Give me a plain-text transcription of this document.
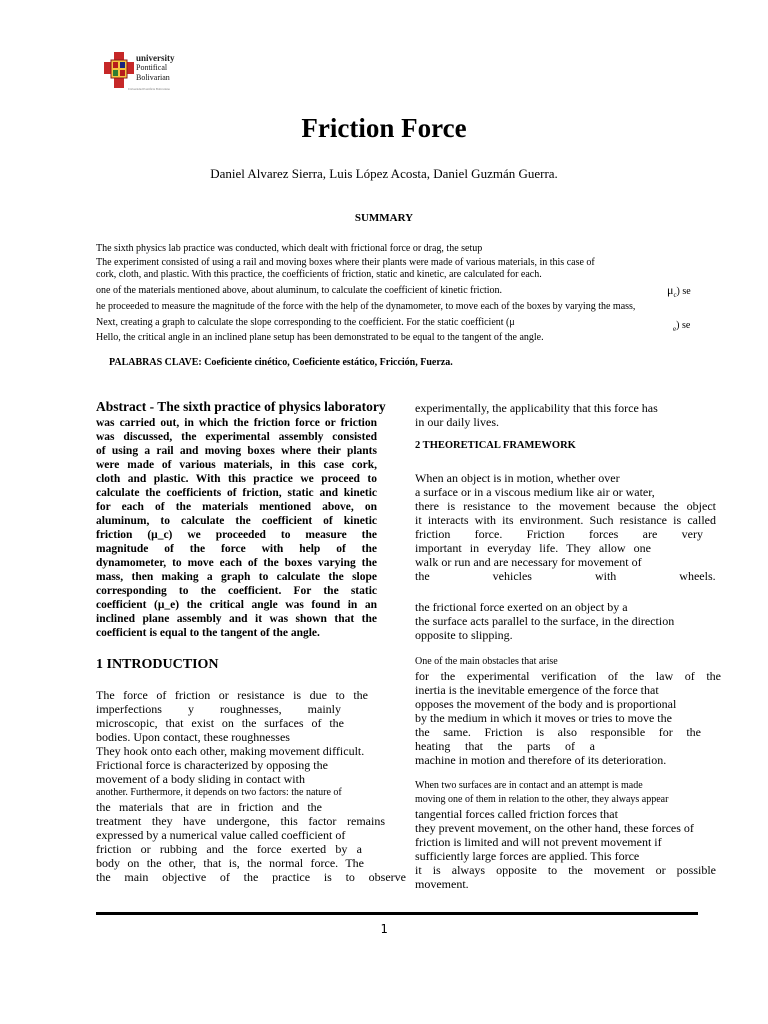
university
Pontifical
Bolivarian
Universidad Pontificia Bolivariana
Friction Force
Daniel Alvarez Sierra, Luis López Acosta, Daniel Guzmán Guerra.
SUMMARY
The sixth physics lab practice was conducted, which dealt with frictional force or drag, the setup
The experiment consisted of using a rail and moving boxes where their plants were made of various materials, in this case of
cork, cloth, and plastic. With this practice, the coefficients of friction, static and kinetic, are calculated for each.
one of the materials mentioned above, about aluminum, to calculate the coefficient of kinetic friction.	$\mu_c$) se
he proceeded to measure the magnitude of the force with the help of the dynamometer, to move each of the boxes by varying the mass,
Next, creating a graph to calculate the slope corresponding to the coefficient. For the static coefficient (μ
$_e$) se
Hello, the critical angle in an inclined plane setup has been demonstrated to be equal to the tangent of the angle.
PALABRAS CLAVE: Coeficiente cinético, Coeficiente estático, Fricción, Fuerza.
Abstract - The sixth practice of physics laboratory
was carried out, in which the friction force or friction
was discussed, the experimental assembly consisted
of using a rail and moving boxes where their plants
were made of various materials, in this case cork,
cloth and plastic. With this practice we proceed to
calculate the coefficients of friction, static and kinetic
for each of the materials mentioned above, on
aluminum, to calculate the coefficient of kinetic
friction (μ_c) we proceeded to measure the
magnitude of the force with help of the
dynamometer, to move each of the boxes varying the
mass, then making a graph to calculate the slope
corresponding to the coefficient. For the static
coefficient (μ_e) the critical angle was found in an
inclined plane assembly and it was shown that the
coefficient is equal to the tangent of the angle.
1 INTRODUCTION
The force of friction or resistance is due to the
imperfections y roughnesses, mainly
microscopic, that exist on the surfaces of the
bodies. Upon contact, these roughnesses
They hook onto each other, making movement difficult.
Frictional force is characterized by opposing the
movement of a body sliding in contact with
another. Furthermore, it depends on two factors: the nature of
the materials that are in friction and the
treatment they have undergone, this factor remains
expressed by a numerical value called coefficient of
friction or rubbing and the force exerted by a
body on the other, that is, the normal force. The
the main objective of the practice is to observe
experimentally, the applicability that this force has
in our daily lives.
2 THEORETICAL FRAMEWORK
When an object is in motion, whether over
a surface or in a viscous medium like air or water,
there is resistance to the movement because the object
it interacts with its environment. Such resistance is called
friction force. Friction forces are very
important in everyday life. They allow one
walk or run and are necessary for movement of
the vehicles with wheels.
the frictional force exerted on an object by a
the surface acts parallel to the surface, in the direction
opposite to slipping.
One of the main obstacles that arise
for the experimental verification of the law of the
inertia is the inevitable emergence of the force that
opposes the movement of the body and is proportional
by the medium in which it moves or tries to move the
the same. Friction is also responsible for the
heating that the parts of a
machine in motion and therefore of its deterioration.
When two surfaces are in contact and an attempt is made
moving one of them in relation to the other, they always appear
tangential forces called friction forces that
they prevent movement, on the other hand, these forces of
friction is limited and will not prevent movement if
sufficiently large forces are applied. This force
it is always opposite to the movement or possible
movement.
1
